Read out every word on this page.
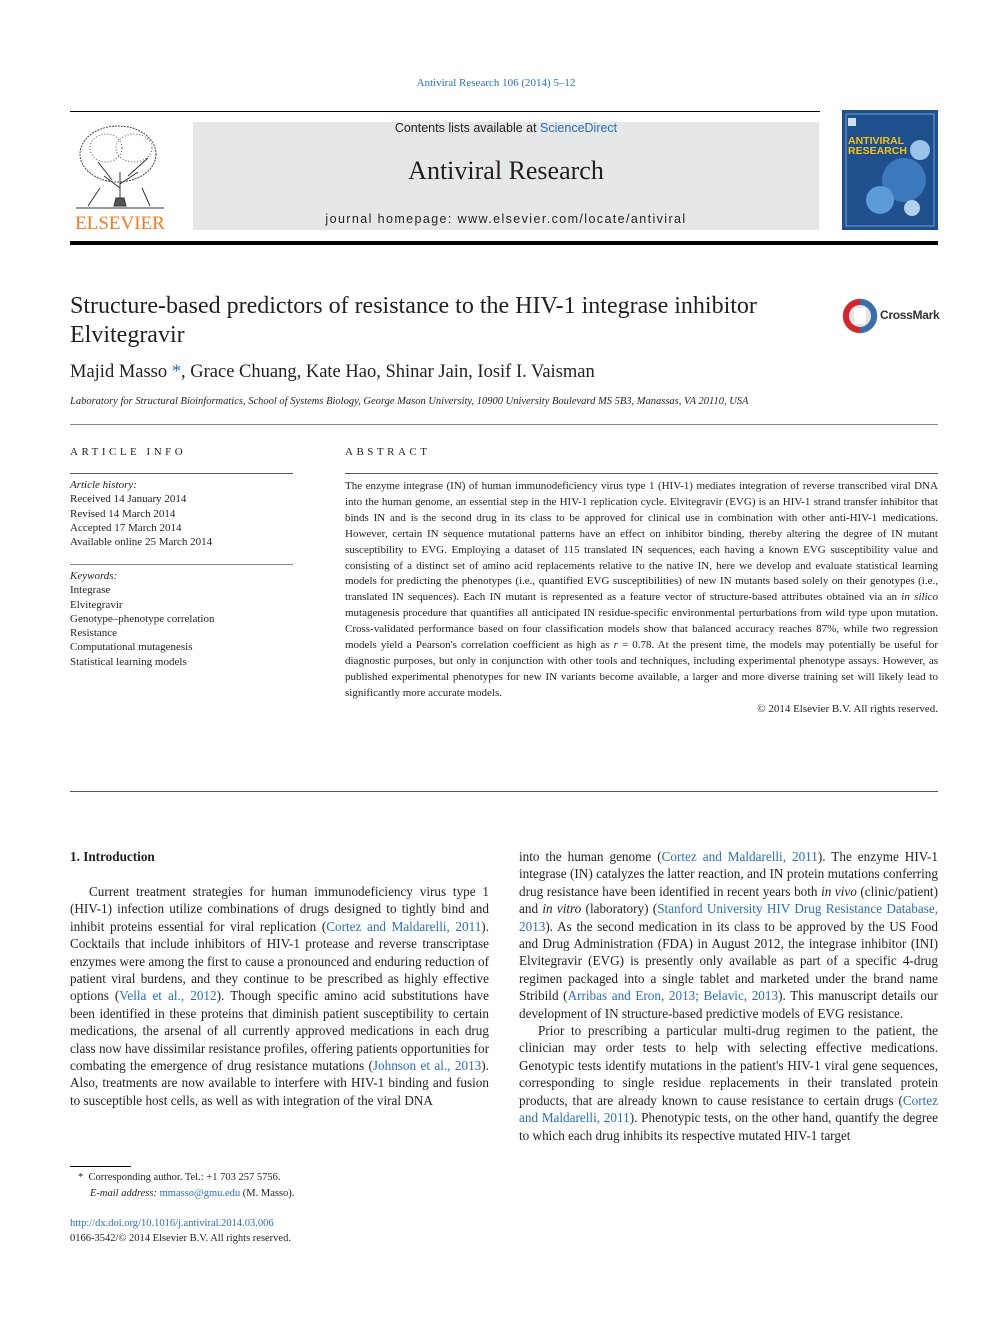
Antiviral Research 106 (2014) 5–12
ELSEVIER
Contents lists available at ScienceDirect
Antiviral Research
journal homepage: www.elsevier.com/locate/antiviral
ANTIVIRAL
RESEARCH
Structure-based predictors of resistance to the HIV-1 integrase inhibitor Elvitegravir
CrossMark
Majid Masso *, Grace Chuang, Kate Hao, Shinar Jain, Iosif I. Vaisman
Laboratory for Structural Bioinformatics, School of Systems Biology, George Mason University, 10900 University Boulevard MS 5B3, Manassas, VA 20110, USA
ARTICLE INFO
Article history:
Received 14 January 2014
Revised 14 March 2014
Accepted 17 March 2014
Available online 25 March 2014
Keywords:
Integrase
Elvitegravir
Genotype–phenotype correlation
Resistance
Computational mutagenesis
Statistical learning models
ABSTRACT
The enzyme integrase (IN) of human immunodeficiency virus type 1 (HIV-1) mediates integration of reverse transcribed viral DNA into the human genome, an essential step in the HIV-1 replication cycle. Elvitegravir (EVG) is an HIV-1 strand transfer inhibitor that binds IN and is the second drug in its class to be approved for clinical use in combination with other anti-HIV-1 medications. However, certain IN sequence mutational patterns have an effect on inhibitor binding, thereby altering the degree of IN mutant susceptibility to EVG. Employing a dataset of 115 translated IN sequences, each having a known EVG susceptibility value and consisting of a distinct set of amino acid replacements relative to the native IN, here we develop and evaluate statistical learning models for predicting the phenotypes (i.e., quantified EVG susceptibilities) of new IN mutants based solely on their genotypes (i.e., translated IN sequences). Each IN mutant is represented as a feature vector of structure-based attributes obtained via an in silico mutagenesis procedure that quantifies all anticipated IN residue-specific environmental perturbations from wild type upon mutation. Cross-validated performance based on four classification models show that balanced accuracy reaches 87%, while two regression models yield a Pearson's correlation coefficient as high as r = 0.78. At the present time, the models may potentially be useful for diagnostic purposes, but only in conjunction with other tools and techniques, including experimental phenotype assays. However, as published experimental phenotypes for new IN variants become available, a larger and more diverse training set will likely lead to significantly more accurate models.
© 2014 Elsevier B.V. All rights reserved.
1. Introduction

Current treatment strategies for human immunodeficiency virus type 1 (HIV-1) infection utilize combinations of drugs designed to tightly bind and inhibit proteins essential for viral replication (Cortez and Maldarelli, 2011). Cocktails that include inhibitors of HIV-1 protease and reverse transcriptase enzymes were among the first to cause a pronounced and enduring reduction of patient viral burdens, and they continue to be prescribed as highly effective options (Vella et al., 2012). Though specific amino acid substitutions have been identified in these proteins that diminish patient susceptibility to certain medications, the arsenal of all currently approved medications in each drug class now have dissimilar resistance profiles, offering patients opportunities for combating the emergence of drug resistance mutations (Johnson et al., 2013). Also, treatments are now available to interfere with HIV-1 binding and fusion to susceptible host cells, as well as with integration of the viral DNA

into the human genome (Cortez and Maldarelli, 2011). The enzyme HIV-1 integrase (IN) catalyzes the latter reaction, and IN protein mutations conferring drug resistance have been identified in recent years both in vivo (clinic/patient) and in vitro (laboratory) (Stanford University HIV Drug Resistance Database, 2013). As the second medication in its class to be approved by the US Food and Drug Administration (FDA) in August 2012, the integrase inhibitor (INI) Elvitegravir (EVG) is presently only available as part of a specific 4-drug regimen packaged into a single tablet and marketed under the brand name Stribild (Arribas and Eron, 2013; Belavic, 2013). This manuscript details our development of IN structure-based predictive models of EVG resistance.

Prior to prescribing a particular multi-drug regimen to the patient, the clinician may order tests to help with selecting effective medications. Genotypic tests identify mutations in the patient's HIV-1 viral gene sequences, corresponding to single residue replacements in their translated protein products, that are already known to cause resistance to certain drugs (Cortez and Maldarelli, 2011). Phenotypic tests, on the other hand, quantify the degree to which each drug inhibits its respective mutated HIV-1 target

* Corresponding author. Tel.: +1 703 257 5756.
E-mail address: mmasso@gmu.edu (M. Masso).
http://dx.doi.org/10.1016/j.antiviral.2014.03.006
0166-3542/© 2014 Elsevier B.V. All rights reserved.
